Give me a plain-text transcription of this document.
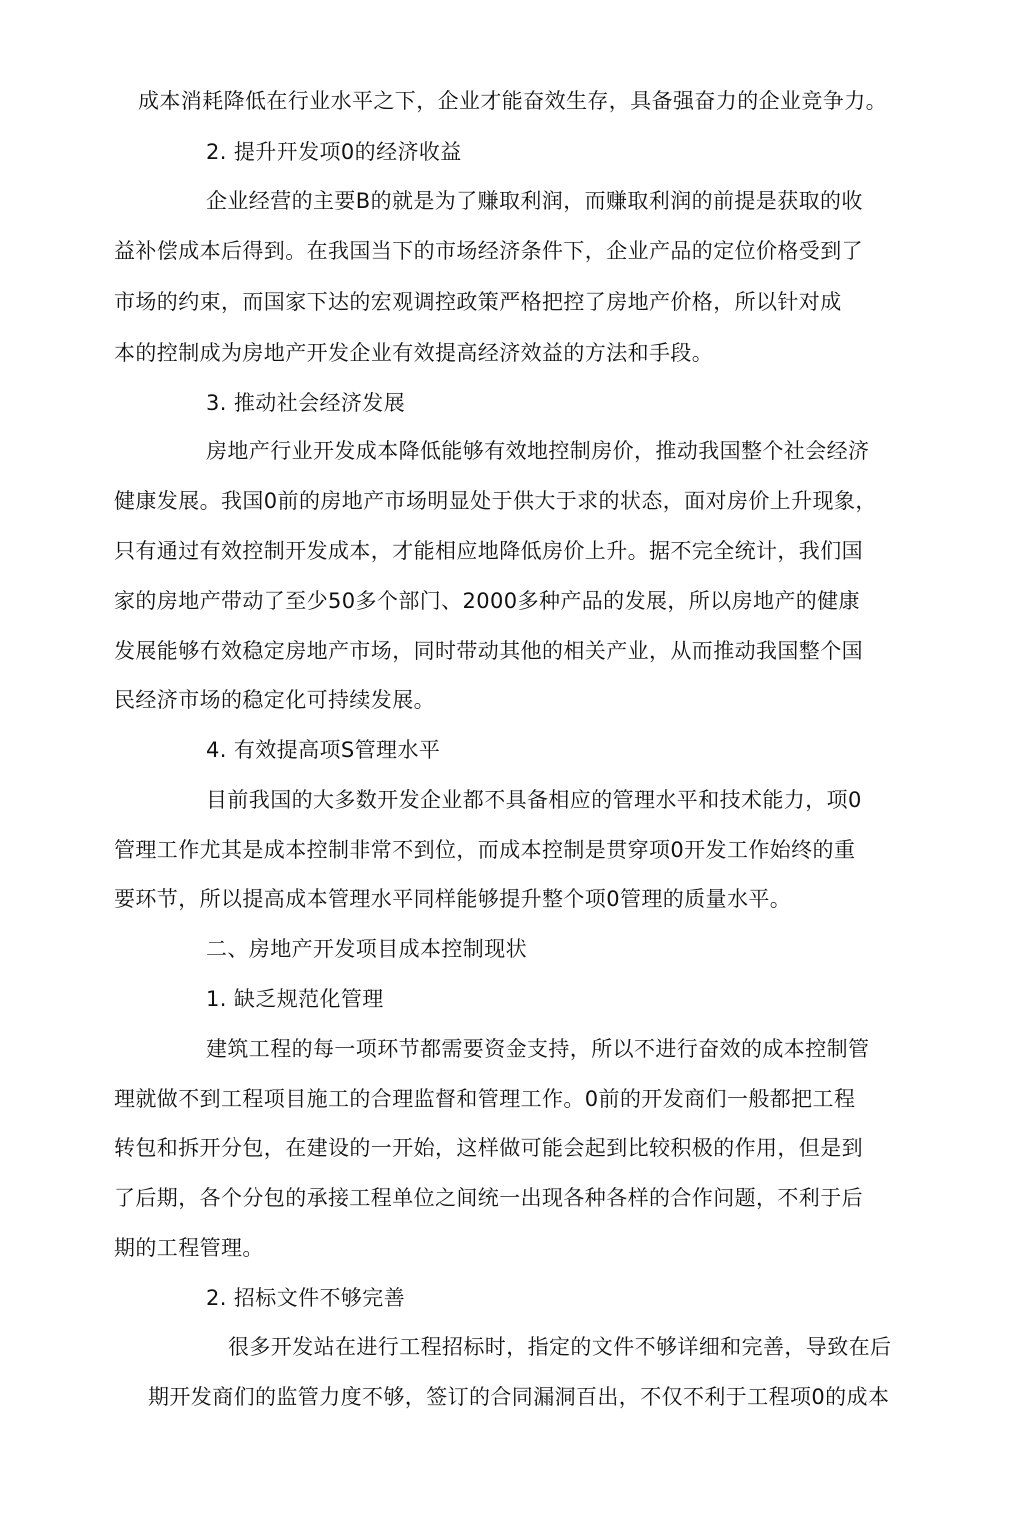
成本消耗降低在行业水平之下，企业才能奋效生存，具备强奋力的企业竞争力。
2. 提升幵发项0的经济收益
企业经营的主要B的就是为了赚取利润，而赚取利润的前提是获取的收
益补偿成本后得到。在我国当下的市场经济条件下，企业产品的定位价格受到了
市场的约束，而国家下达的宏观调控政策严格把控了房地产价格，所以针对成
本的控制成为房地产开发企业有效提高经济效益的方法和手段。
3. 推动社会经济发展
房地产行业开发成本降低能够有效地控制房价，推动我国整个社会经济
健康发展。我国0前的房地产市场明显处于供大于求的状态，面对房价上升现象，
只有通过有效控制开发成本，才能相应地降低房价上升。据不完全统计，我们国
家的房地产带动了至少50多个部门、2000多种产品的发展，所以房地产的健康
发展能够冇效稳定房地产市场，同时带动其他的相关产业，从而推动我国整个国
民经济市场的稳定化可持续发展。
4. 有效提高项S管理水平
目前我国的大多数开发企业都不具备相应的管理水平和技术能力，项0
管理工作尤其是成本控制非常不到位，而成本控制是贯穿项0开发工作始终的重
要环节，所以提高成本管理水平同样能够提升整个项0管理的质量水平。
二、房地产开发项目成本控制现状
1. 缺乏规范化管理
建筑工程的每一项环节都需要资金支持，所以不进行奋效的成本控制管
理就做不到工程项目施工的合理监督和管理工作。0前的开发商们一般都把工程
转包和拆开分包，在建设的一开始，这样做可能会起到比较积极的作用，但是到
了后期，各个分包的承接工程单位之间统一出现各种各样的合作问题，不利于后
期的工程管理。
2. 招标文件不够完善
很多开发站在进行工程招标时，指定的文件不够详细和完善，导致在后
期开发商们的监管力度不够，签订的合同漏洞百出，不仅不利于工程项0的成本
